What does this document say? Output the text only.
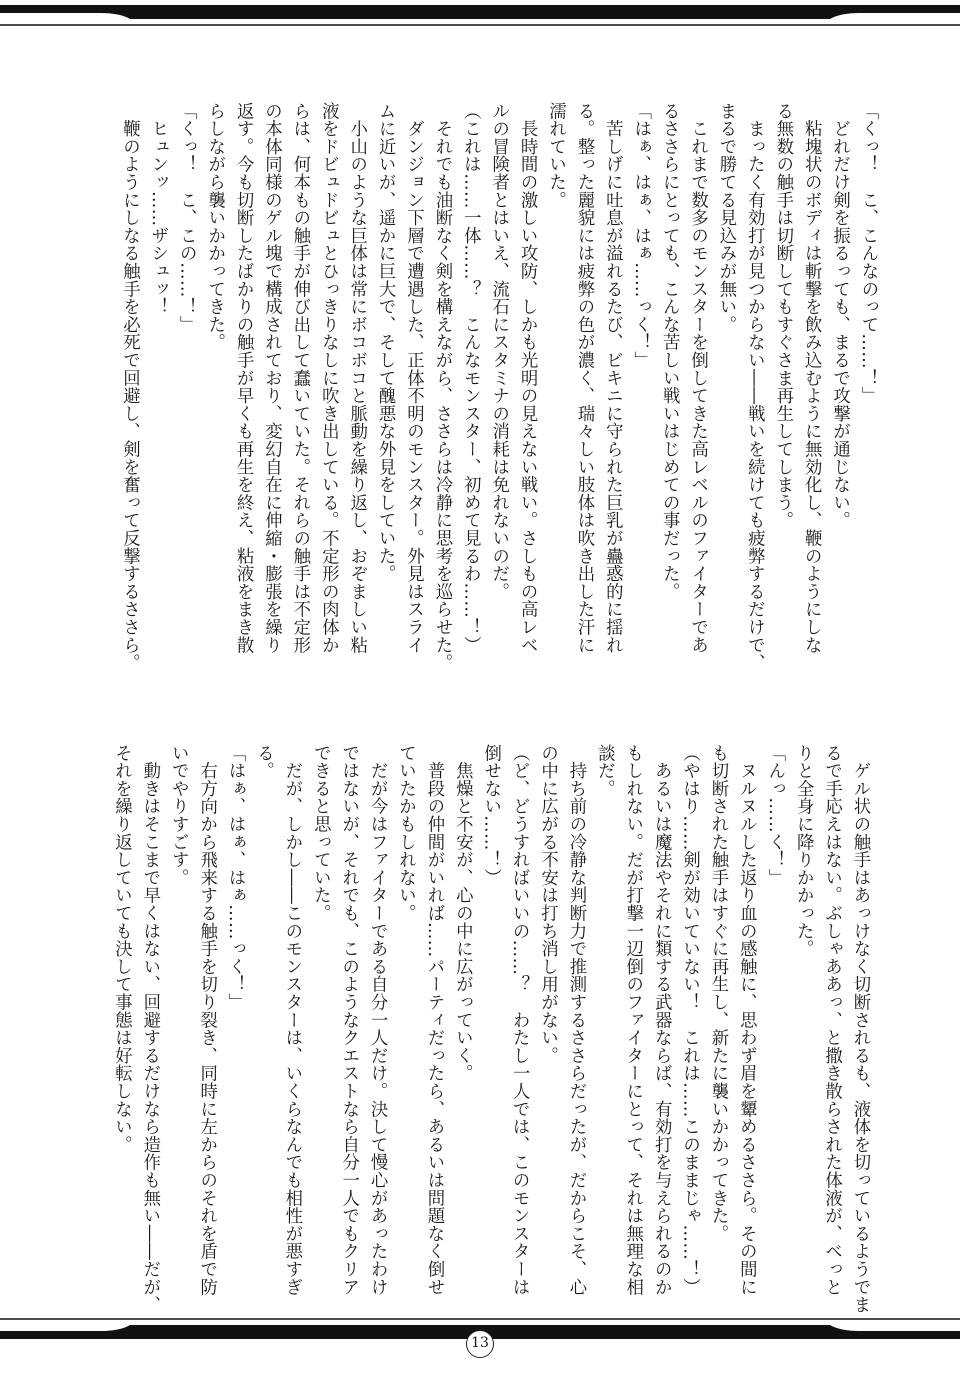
「くっ！　こ、こんなのって……！」
　どれだけ剣を振るっても、まるで攻撃が通じない。
　粘塊状のボディは斬撃を飲み込むように無効化し、鞭のようにしな
る無数の触手は切断してもすぐさま再生してしまう。
　まったく有効打が見つからない――戦いを続けても疲弊するだけで、
まるで勝てる見込みが無い。
　これまで数多のモンスターを倒してきた高レベルのファイターであ
るささらにとっても、こんな苦しい戦いはじめての事だった。
「はぁ、はぁ、はぁ……っく！」
　苦しげに吐息が溢れるたび、ビキニに守られた巨乳が蠱惑的に揺れ
る。整った麗貌には疲弊の色が濃く、瑞々しい肢体は吹き出した汗に
濡れていた。
　長時間の激しい攻防、しかも光明の見えない戦い。さしもの高レベ
ルの冒険者とはいえ、流石にスタミナの消耗は免れないのだ。
（これは……一体……？　こんなモンスター、初めて見るわ……！）
　それでも油断なく剣を構えながら、ささらは冷静に思考を巡らせた。
　ダンジョン下層で遭遇した、正体不明のモンスター。外見はスライ
ムに近いが、遥かに巨大で、そして醜悪な外見をしていた。
　小山のような巨体は常にボコボコと脈動を繰り返し、おぞましい粘
液をドビュドビュとひっきりなしに吹き出している。不定形の肉体か
らは、何本もの触手が伸び出して蠢いていた。それらの触手は不定形
の本体同様のゲル塊で構成されており、変幻自在に伸縮・膨張を繰り
返す。今も切断したばかりの触手が早くも再生を終え、粘液をまき散
らしながら襲いかかってきた。
「くっ！　こ、この……！」
　ヒュンッ……ザシュッ！
　鞭のようにしなる触手を必死で回避し、剣を奮って反撃するささら。
　ゲル状の触手はあっけなく切断されるも、液体を切っているようでま
るで手応えはない。ぶしゃああっ、と撒き散らされた体液が、べっと
りと全身に降りかかった。
「んっ……く！」
　ヌルヌルした返り血の感触に、思わず眉を顰めるささら。その間に
も切断された触手はすぐに再生し、新たに襲いかかってきた。
（やはり……剣が効いていない！　これは……このままじゃ……！）
　あるいは魔法やそれに類する武器ならば、有効打を与えられるのか
もしれない。だが打撃一辺倒のファイターにとって、それは無理な相
談だ。
　持ち前の冷静な判断力で推測するささらだったが、だからこそ、心
の中に広がる不安は打ち消し用がない。
（ど、どうすればいいの……？　わたし一人では、このモンスターは
倒せない……！）
　焦燥と不安が、心の中に広がっていく。
　普段の仲間がいれば……パーティだったら、あるいは問題なく倒せ
ていたかもしれない。
　だが今はファイターである自分一人だけ。決して慢心があったわけ
ではないが、それでも、このようなクエストなら自分一人でもクリア
できると思っていた。
　だが、しかし――このモンスターは、いくらなんでも相性が悪すぎ
る。
「はぁ、はぁ、はぁ……っく！」
　右方向から飛来する触手を切り裂き、同時に左からのそれを盾で防
いでやりすごす。
　動きはそこまで早くはない、回避するだけなら造作も無い――だが、
それを繰り返していても決して事態は好転しない。
13
